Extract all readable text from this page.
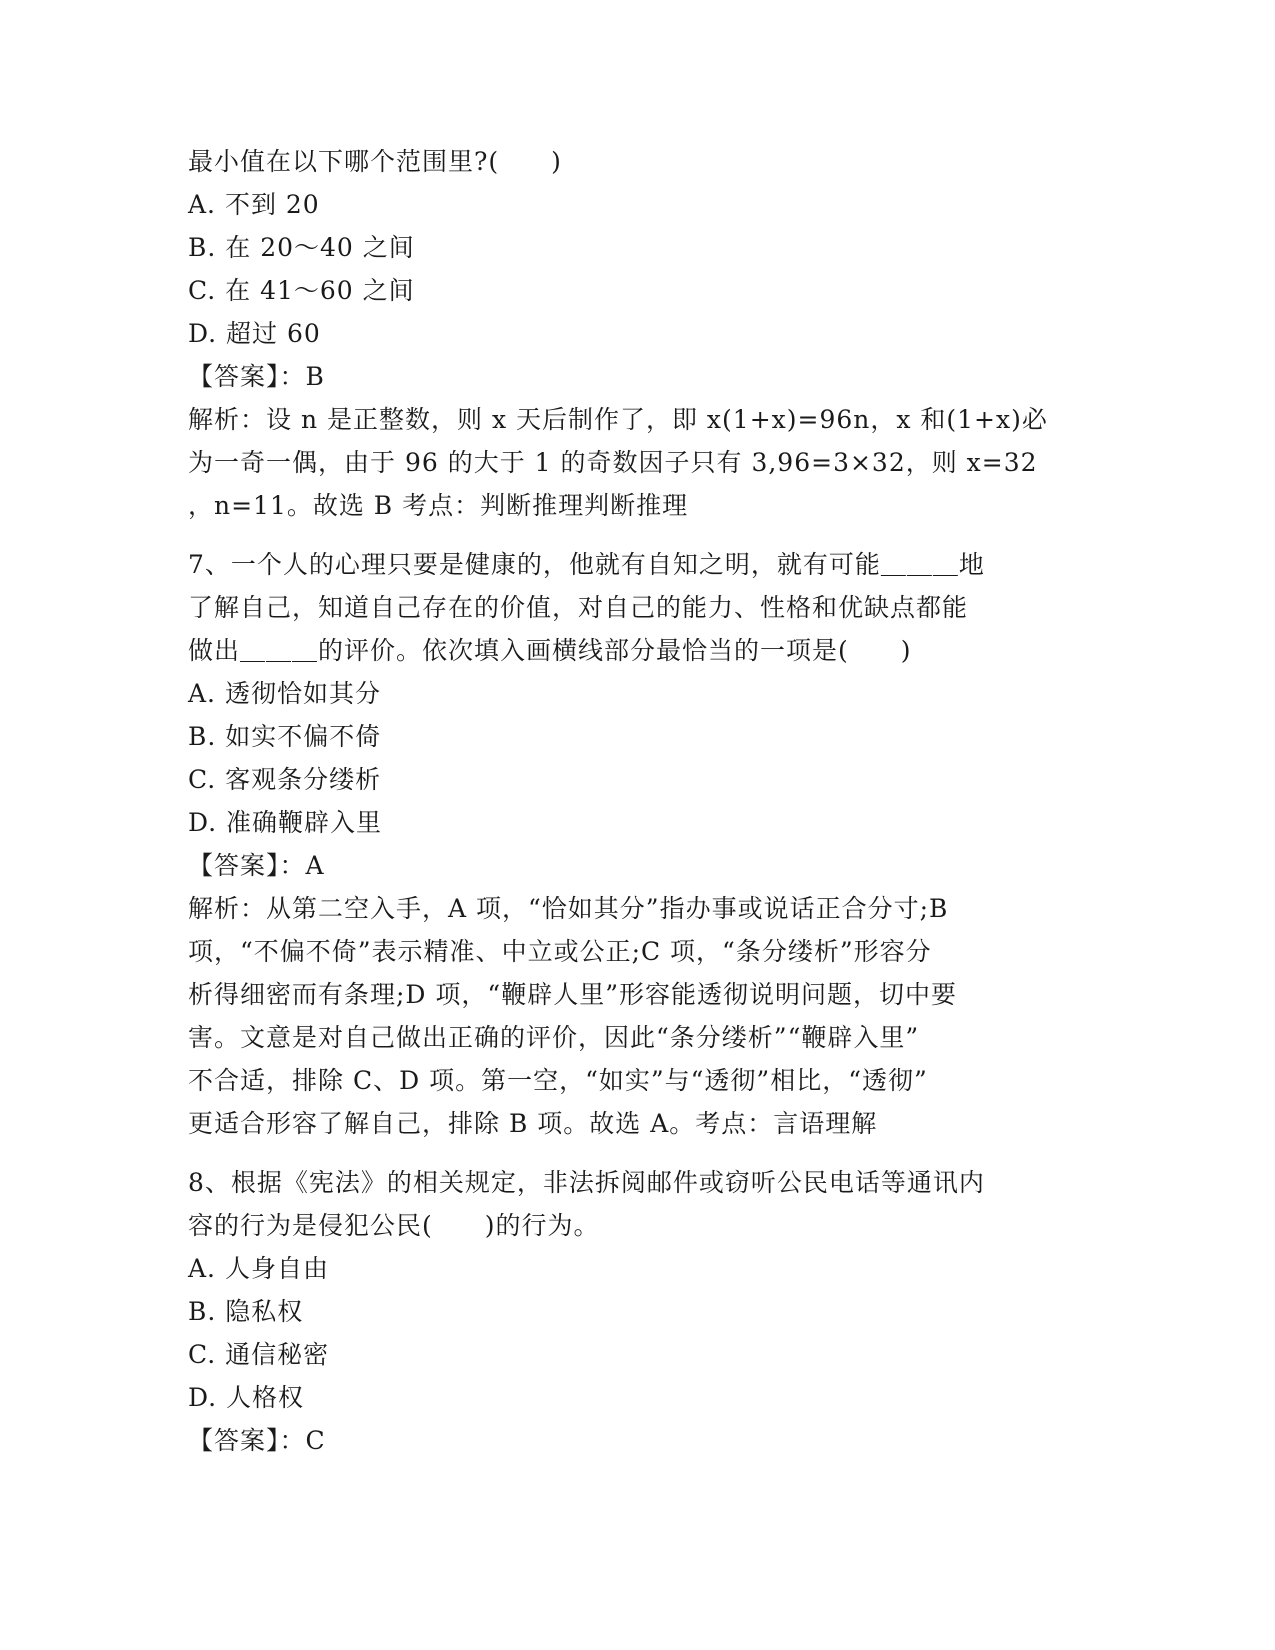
最小值在以下哪个范围里?(　　)
A. 不到 20
B. 在 20～40 之间
C. 在 41～60 之间
D. 超过 60
【答案】：B
解析：设 n 是正整数，则 x 天后制作了，即 x(1+x)=96n，x 和(1+x)必
为一奇一偶，由于 96 的大于 1 的奇数因子只有 3,96=3×32，则 x=32
，n=11。故选 B 考点：判断推理判断推理
7、一个人的心理只要是健康的，他就有自知之明，就有可能＿＿＿地
了解自己，知道自己存在的价值，对自己的能力、性格和优缺点都能
做出＿＿＿的评价。依次填入画横线部分最恰当的一项是(　　)
A. 透彻恰如其分
B. 如实不偏不倚
C. 客观条分缕析
D. 准确鞭辟入里
【答案】：A
解析：从第二空入手，A 项，“恰如其分”指办事或说话正合分寸;B
项，“不偏不倚”表示精准、中立或公正;C 项，“条分缕析”形容分
析得细密而有条理;D 项，“鞭辟人里”形容能透彻说明问题，切中要
害。文意是对自己做出正确的评价，因此“条分缕析”“鞭辟入里”
不合适，排除 C、D 项。第一空，“如实”与“透彻”相比，“透彻”
更适合形容了解自己，排除 B 项。故选 A。考点：言语理解
8、根据《宪法》的相关规定，非法拆阅邮件或窃听公民电话等通讯内
容的行为是侵犯公民(　　)的行为。
A. 人身自由
B. 隐私权
C. 通信秘密
D. 人格权
【答案】：C
